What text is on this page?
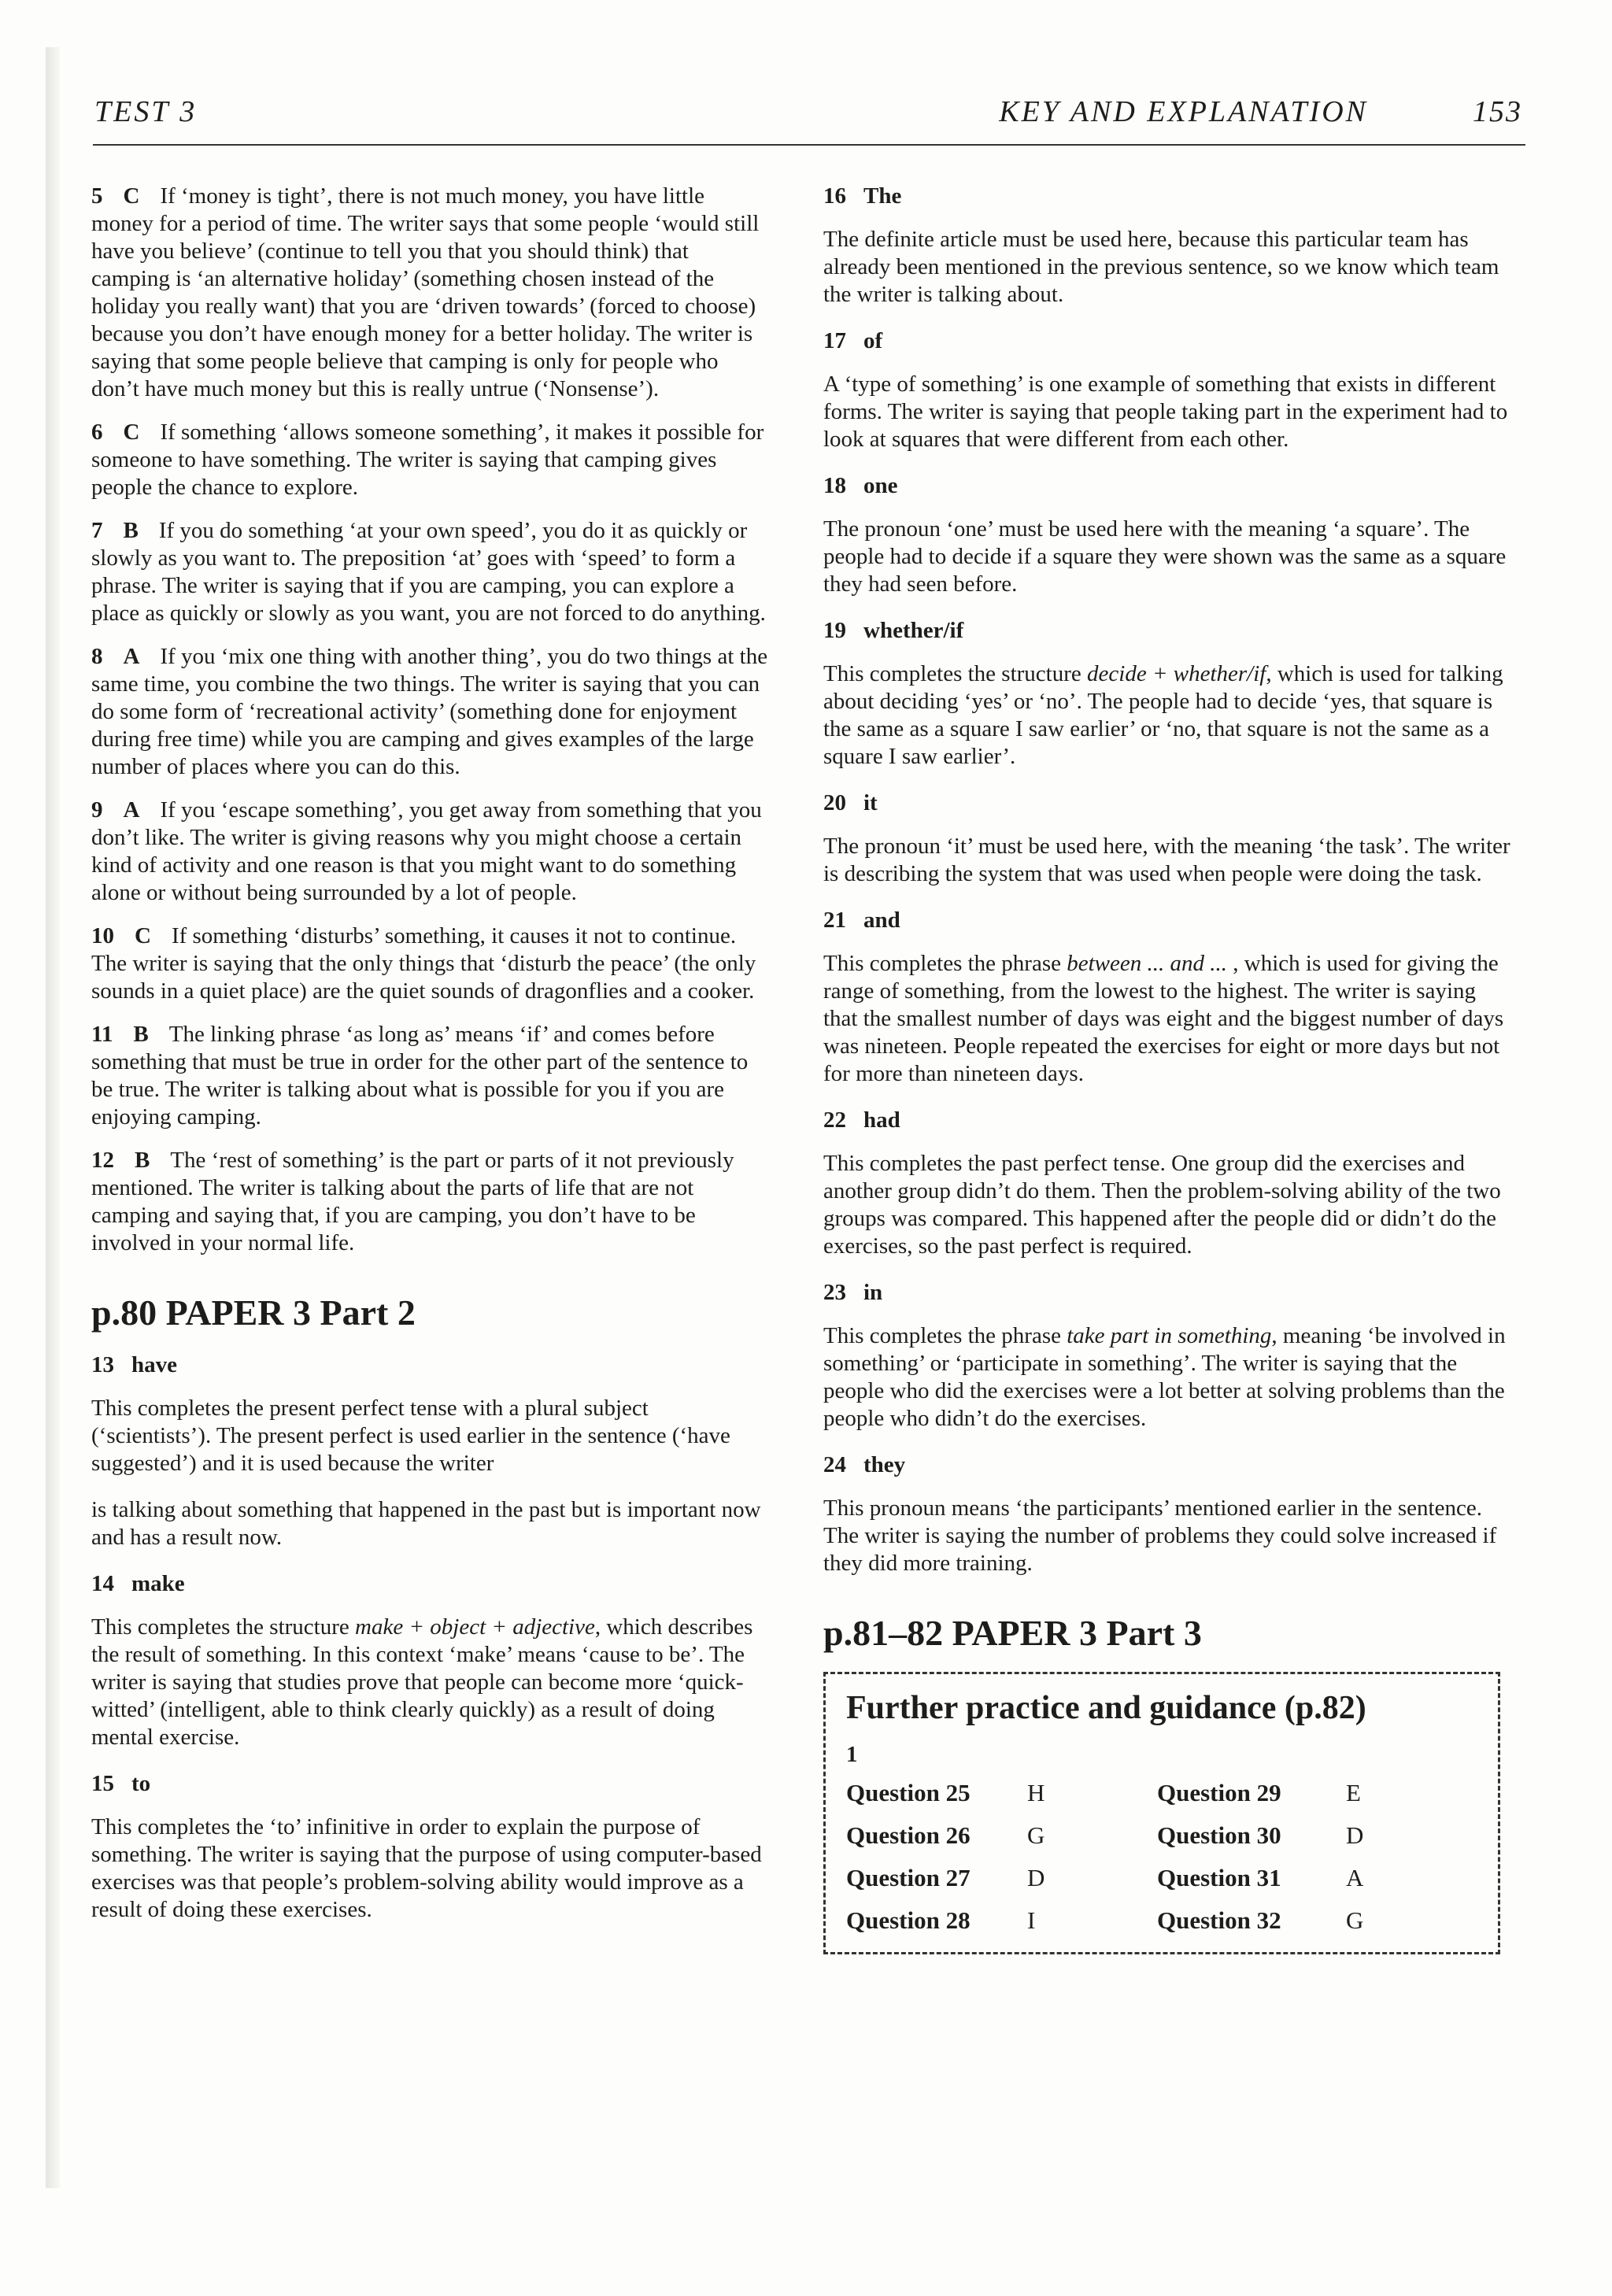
TEST 3	KEY AND EXPLANATION	153

5 C If ‘money is tight’, there is not much money, you have little money for a period of time. The writer says that some people ‘would still have you believe’ (continue to tell you that you should think) that camping is ‘an alternative holiday’ (something chosen instead of the holiday you really want) that you are ‘driven towards’ (forced to choose) because you don’t have enough money for a better holiday. The writer is saying that some people believe that camping is only for people who don’t have much money but this is really untrue (‘Nonsense’).

6 C If something ‘allows someone something’, it makes it possible for someone to have something. The writer is saying that camping gives people the chance to explore.

7 B If you do something ‘at your own speed’, you do it as quickly or slowly as you want to. The preposition ‘at’ goes with ‘speed’ to form a phrase. The writer is saying that if you are camping, you can explore a place as quickly or slowly as you want, you are not forced to do anything.

8 A If you ‘mix one thing with another thing’, you do two things at the same time, you combine the two things. The writer is saying that you can do some form of ‘recreational activity’ (something done for enjoyment during free time) while you are camping and gives examples of the large number of places where you can do this.

9 A If you ‘escape something’, you get away from something that you don’t like. The writer is giving reasons why you might choose a certain kind of activity and one reason is that you might want to do something alone or without being surrounded by a lot of people.

10 C If something ‘disturbs’ something, it causes it not to continue. The writer is saying that the only things that ‘disturb the peace’ (the only sounds in a quiet place) are the quiet sounds of dragonflies and a cooker.

11 B The linking phrase ‘as long as’ means ‘if’ and comes before something that must be true in order for the other part of the sentence to be true. The writer is talking about what is possible for you if you are enjoying camping.

12 B The ‘rest of something’ is the part or parts of it not previously mentioned. The writer is talking about the parts of life that are not camping and saying that, if you are camping, you don’t have to be involved in your normal life.

p.80 PAPER 3 Part 2
13 have

This completes the present perfect tense with a plural subject (‘scientists’). The present perfect is used earlier in the sentence (‘have suggested’) and it is used because the writer

is talking about something that happened in the past but is important now and has a result now.

14 make

This completes the structure make + object + adjective, which describes the result of something. In this context ‘make’ means ‘cause to be’. The writer is saying that studies prove that people can become more ‘quick-witted’ (intelligent, able to think clearly quickly) as a result of doing mental exercise.

15 to

This completes the ‘to’ infinitive in order to explain the purpose of something. The writer is saying that the purpose of using computer-based exercises was that people’s problem-solving ability would improve as a result of doing these exercises.

16 The

The definite article must be used here, because this particular team has already been mentioned in the previous sentence, so we know which team the writer is talking about.

17 of

A ‘type of something’ is one example of something that exists in different forms. The writer is saying that people taking part in the experiment had to look at squares that were different from each other.

18 one

The pronoun ‘one’ must be used here with the meaning ‘a square’. The people had to decide if a square they were shown was the same as a square they had seen before.

19 whether/if

This completes the structure decide + whether/if, which is used for talking about deciding ‘yes’ or ‘no’. The people had to decide ‘yes, that square is the same as a square I saw earlier’ or ‘no, that square is not the same as a square I saw earlier’.

20 it

The pronoun ‘it’ must be used here, with the meaning ‘the task’. The writer is describing the system that was used when people were doing the task.

21 and

This completes the phrase between ... and ... , which is used for giving the range of something, from the lowest to the highest. The writer is saying that the smallest number of days was eight and the biggest number of days was nineteen. People repeated the exercises for eight or more days but not for more than nineteen days.

22 had

This completes the past perfect tense. One group did the exercises and another group didn’t do them. Then the problem-solving ability of the two groups was compared. This happened after the people did or didn’t do the exercises, so the past perfect is required.

23 in

This completes the phrase take part in something, meaning ‘be involved in something’ or ‘participate in something’. The writer is saying that the people who did the exercises were a lot better at solving problems than the people who didn’t do the exercises.

24 they

This pronoun means ‘the participants’ mentioned earlier in the sentence. The writer is saying the number of problems they could solve increased if they did more training.

p.81–82 PAPER 3 Part 3
Further practice and guidance (p.82)
1
Question 25	H	Question 29	E
Question 26	G	Question 30	D
Question 27	D	Question 31	A
Question 28	I	Question 32	G
